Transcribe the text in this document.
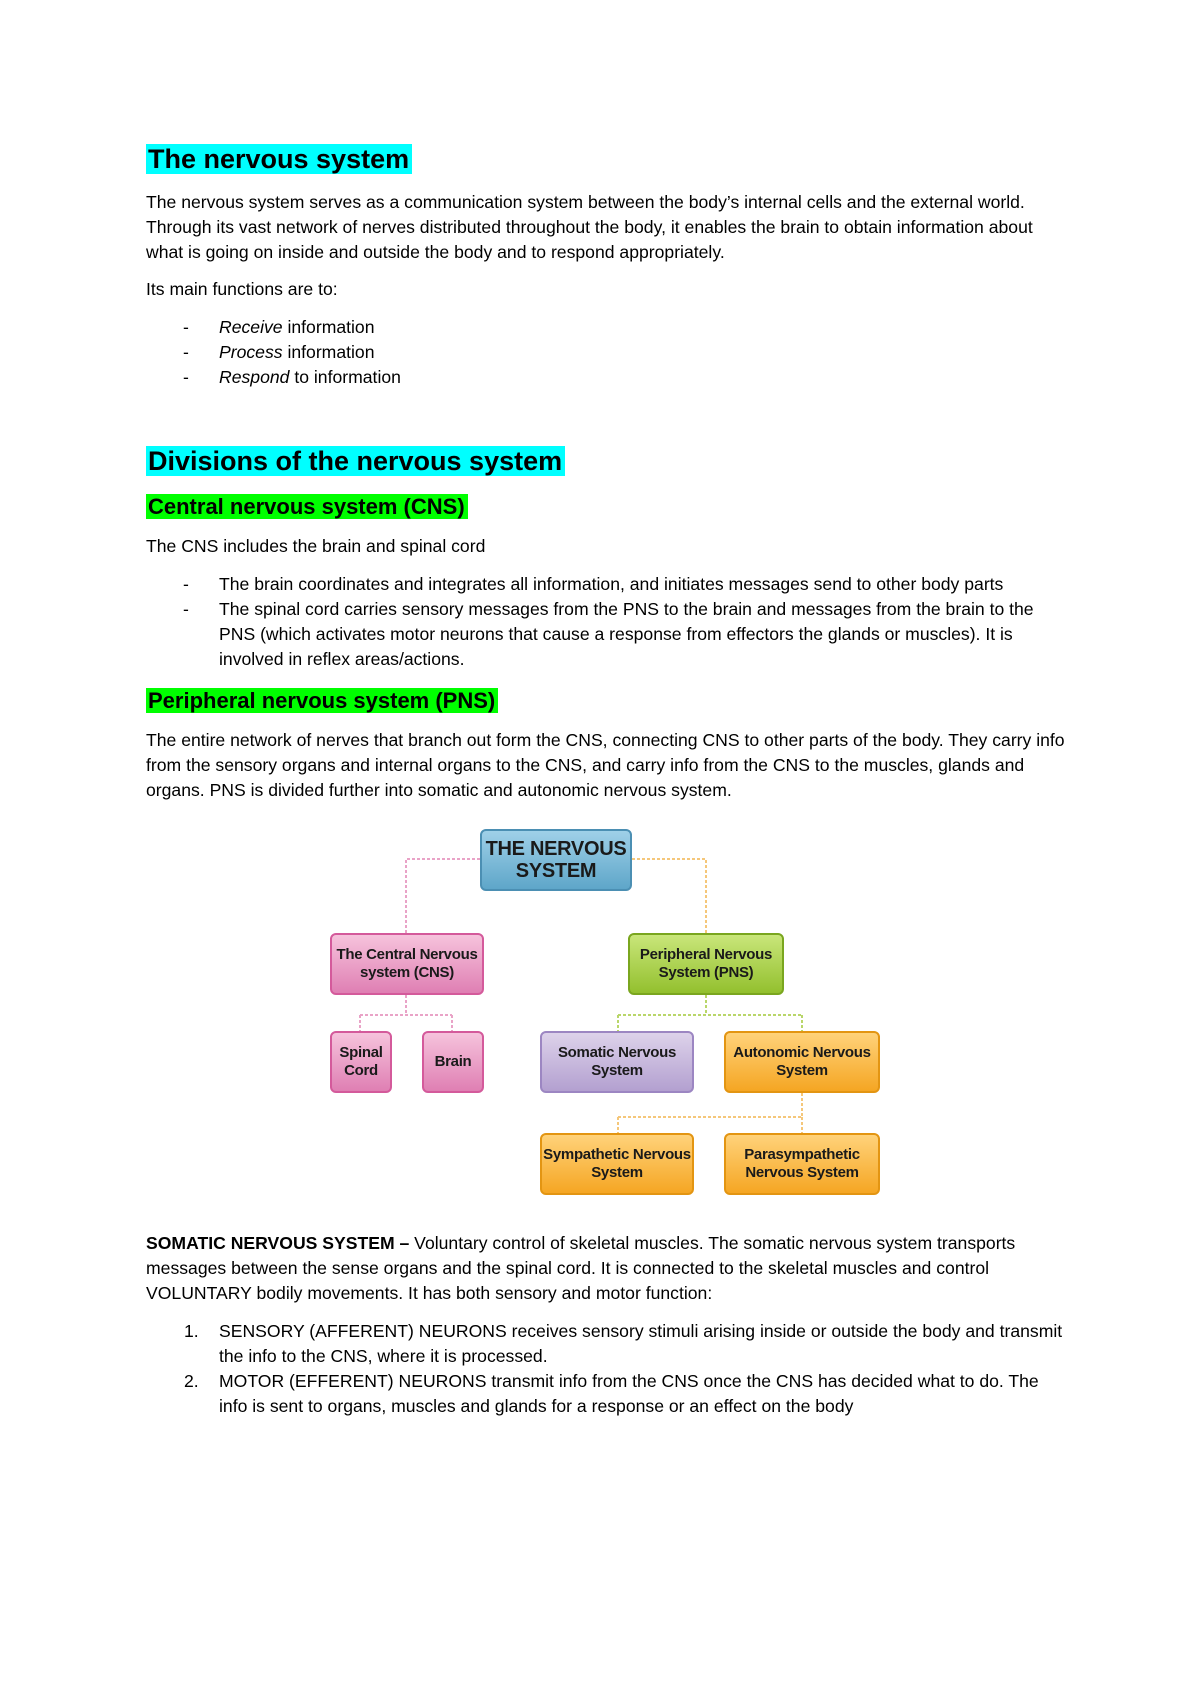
The nervous system

The nervous system serves as a communication system between the body’s internal cells and the external world. Through its vast network of nerves distributed throughout the body, it enables the brain to obtain information about what is going on inside and outside the body and to respond appropriately.

Its main functions are to:

- Receive information
- Process information
- Respond to information
Divisions of the nervous system
Central nervous system (CNS)

The CNS includes the brain and spinal cord

- The brain coordinates and integrates all information, and initiates messages send to other body parts
- The spinal cord carries sensory messages from the PNS to the brain and messages from the brain to the PNS (which activates motor neurons that cause a response from effectors the glands or muscles). It is involved in reflex areas/actions.
Peripheral nervous system (PNS)

The entire network of nerves that branch out form the CNS, connecting CNS to other parts of the body. They carry info from the sensory organs and internal organs to the CNS, and carry info from the CNS to the muscles, glands and organs. PNS is divided further into somatic and autonomic nervous system.

THE NERVOUS SYSTEM
The Central Nervous system (CNS)
Peripheral Nervous System (PNS)
Spinal Cord
Brain
Somatic Nervous System
Autonomic Nervous System
Sympathetic Nervous System
Parasympathetic Nervous System

SOMATIC NERVOUS SYSTEM – Voluntary control of skeletal muscles. The somatic nervous system transports messages between the sense organs and the spinal cord. It is connected to the skeletal muscles and control VOLUNTARY bodily movements. It has both sensory and motor function:

1. SENSORY (AFFERENT) NEURONS receives sensory stimuli arising inside or outside the body and transmit the info to the CNS, where it is processed.
2. MOTOR (EFFERENT) NEURONS transmit info from the CNS once the CNS has decided what to do. The info is sent to organs, muscles and glands for a response or an effect on the body
